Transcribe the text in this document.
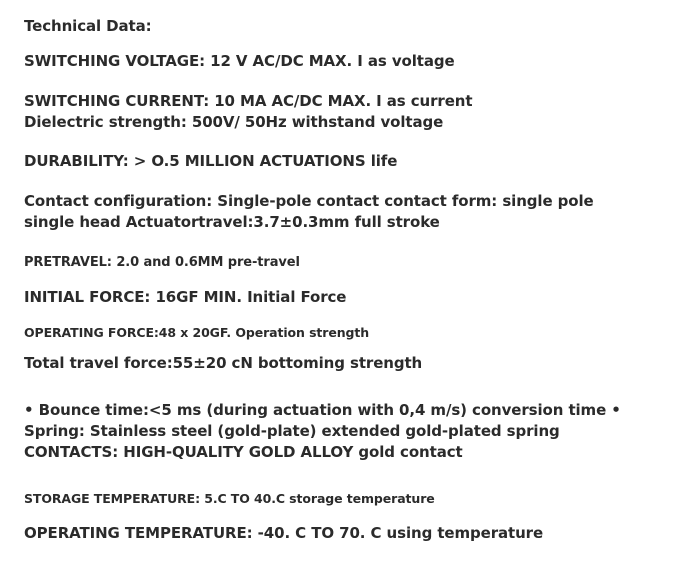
Technical Data:
SWITCHING VOLTAGE: 12 V AC/DC MAX. I as voltage
SWITCHING CURRENT: 10 MA AC/DC MAX. I as current
Dielectric strength: 500V/ 50Hz withstand voltage
DURABILITY: > O.5 MILLION ACTUATIONS life
Contact configuration: Single-pole contact contact form: single pole
single head Actuatortravel:3.7±0.3mm full stroke
PRETRAVEL: 2.0 and 0.6MM pre-travel
INITIAL FORCE: 16GF MIN. Initial Force
OPERATING FORCE:48 x 20GF. Operation strength
Total travel force:55±20 cN bottoming strength
• Bounce time:<5 ms (during actuation with 0,4 m/s) conversion time •
Spring: Stainless steel (gold-plate) extended gold-plated spring
CONTACTS: HIGH-QUALITY GOLD ALLOY gold contact
STORAGE TEMPERATURE: 5.C TO 40.C storage temperature
OPERATING TEMPERATURE: -40. C TO 70. C using temperature
